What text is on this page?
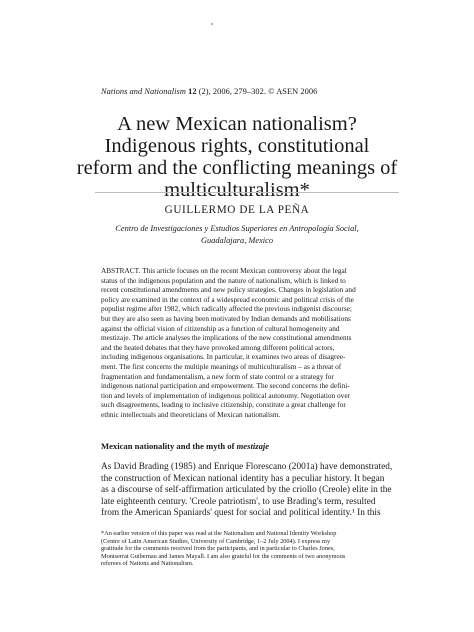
Nations and Nationalism 12 (2), 2006, 279–302. © ASEN 2006
A new Mexican nationalism?
Indigenous rights, constitutional
reform and the conflicting meanings of
multiculturalism*
GUILLERMO DE LA PEÑA
Centro de Investigaciones y Estudios Superiores en Antropología Social,
Guadalajara, Mexico
ABSTRACT. This article focuses on the recent Mexican controversy about the legal
status of the indigenous population and the nature of nationalism, which is linked to
recent constitutional amendments and new policy strategies. Changes in legislation and
policy are examined in the context of a widespread economic and political crisis of the
populist regime after 1982, which radically affected the previous indigenist discourse;
but they are also seen as having been motivated by Indian demands and mobilisations
against the official vision of citizenship as a function of cultural homogeneity and
mestizaje. The article analyses the implications of the new constitutional amendments
and the heated debates that they have provoked among different political actors,
including indigenous organisations. In particular, it examines two areas of disagree-
ment. The first concerns the multiple meanings of multiculturalism – as a threat of
fragmentation and fundamentalism, a new form of state control or a strategy for
indigenous national participation and empowerment. The second concerns the defini-
tion and levels of implementation of indigenous political autonomy. Negotiation over
such disagreements, leading to inclusive citizenship, constitute a great challenge for
ethnic intellectuals and theoreticians of Mexican nationalism.
Mexican nationality and the myth of mestizaje
As David Brading (1985) and Enrique Florescano (2001a) have demonstrated,
the construction of Mexican national identity has a peculiar history. It began
as a discourse of self-affirmation articulated by the criollo (Creole) elite in the
late eighteenth century. 'Creole patriotism', to use Brading's term, resulted
from the American Spaniards' quest for social and political identity.¹ In this
*An earlier version of this paper was read at the Nationalism and National Identity Workshop
(Centre of Latin American Studies, University of Cambridge, 1–2 July 2004). I express my
gratitude for the comments received from the participants, and in particular to Charles Jones,
Montserrat Guibernau and James Mayall. I am also grateful for the comments of two anonymous
referees of Nations and Nationalism.
